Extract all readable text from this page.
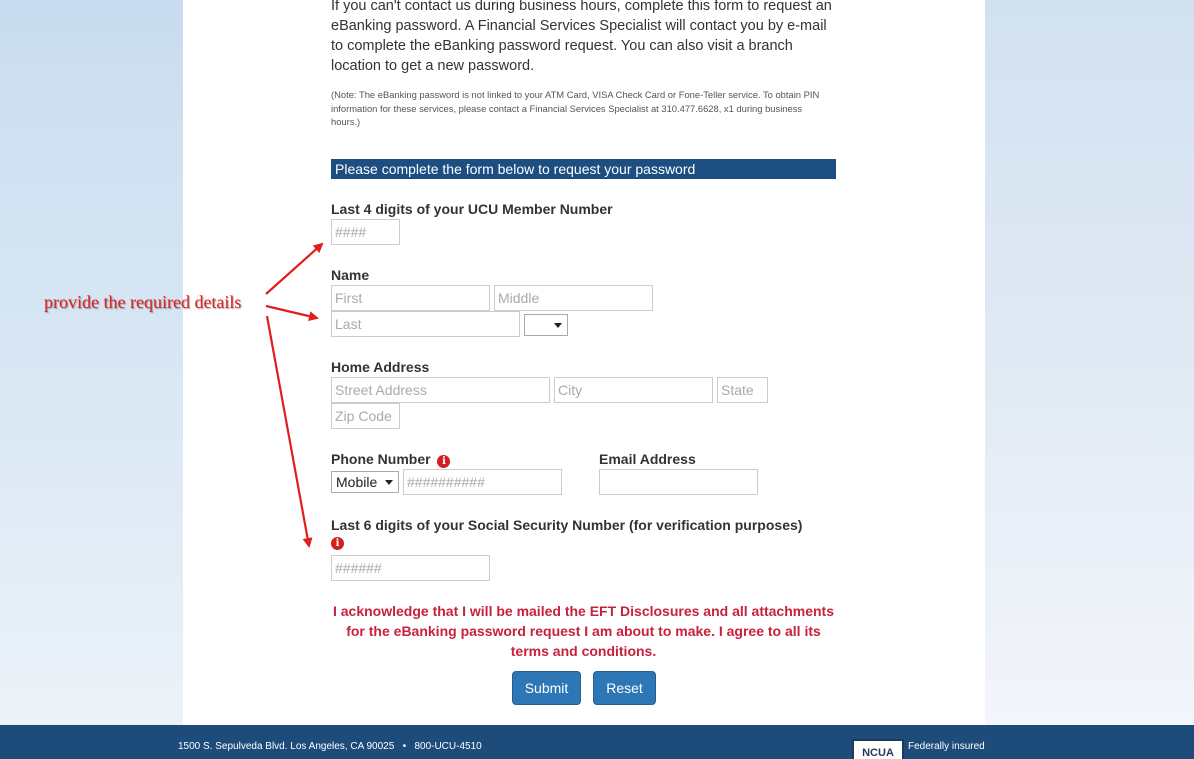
If you can't contact us during business hours, complete this form to request an eBanking password. A Financial Services Specialist will contact you by e-mail to complete the eBanking password request. You can also visit a branch location to get a new password.

(Note: The eBanking password is not linked to your ATM Card, VISA Check Card or Fone-Teller service. To obtain PIN information for these services, please contact a Financial Services Specialist at 310.477.6628, x1 during business hours.)

Please complete the form below to request your password
Last 4 digits of your UCU Member Number
####
Name
First
Middle
Last
Home Address
Street Address
City
State
Zip Code
Phone Number i
Mobile
##########
Email Address
Last 6 digits of your Social Security Number (for verification purposes)
i
######

I acknowledge that I will be mailed the EFT Disclosures and all attachments for the eBanking password request I am about to make. I agree to all its terms and conditions.

Submit	Reset
provide the required details
1500 S. Sepulveda Blvd. Los Angeles, CA 90025   •   800-UCU-4510
NCUA
Federally insured
